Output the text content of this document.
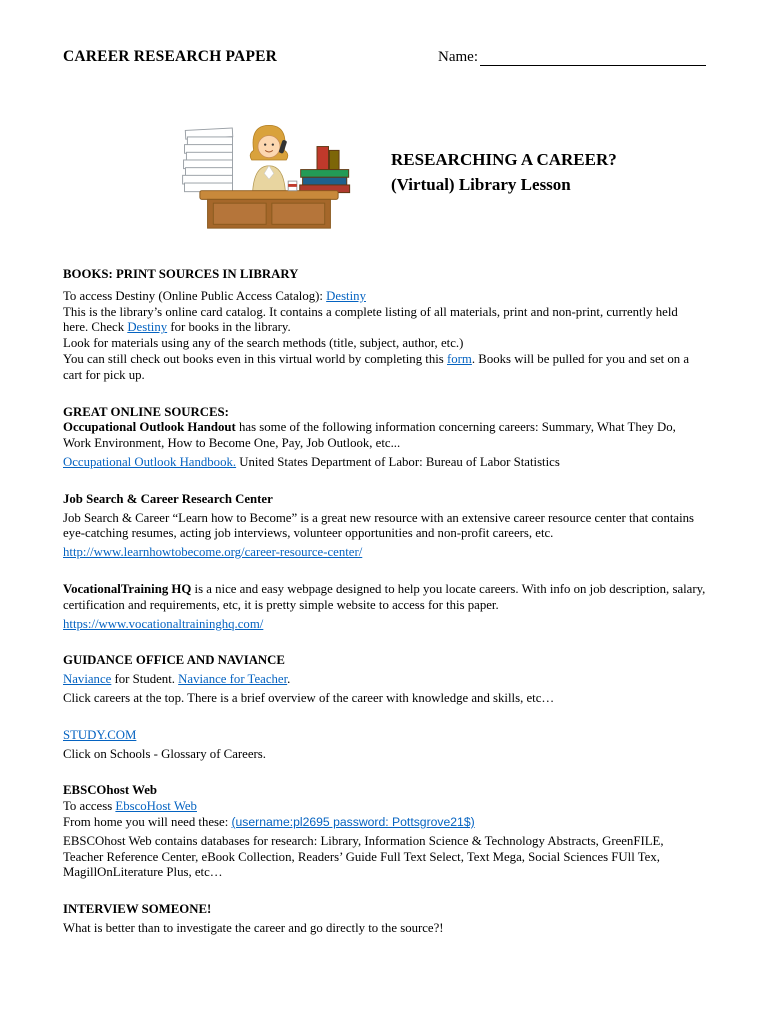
CAREER RESEARCH PAPER	Name:
RESEARCHING A CAREER?
(Virtual) Library Lesson
BOOKS: PRINT SOURCES IN LIBRARY

To access Destiny (Online Public Access Catalog): Destiny

This is the library’s online card catalog. It contains a complete listing of all materials, print and non-print, currently held here. Check Destiny for books in the library.

Look for materials using any of the search methods (title, subject, author, etc.)

You can still check out books even in this virtual world by completing this form. Books will be pulled for you and set on a cart for pick up.

GREAT ONLINE SOURCES:

Occupational Outlook Handout has some of the following information concerning careers: Summary, What They Do, Work Environment, How to Become One, Pay, Job Outlook, etc...

Occupational Outlook Handbook. United States Department of Labor: Bureau of Labor Statistics

Job Search & Career Research Center

Job Search & Career “Learn how to Become” is a great new resource with an extensive career resource center that contains eye-catching resumes, acting job interviews, volunteer opportunities and non-profit careers, etc.

http://www.learnhowtobecome.org/career-resource-center/

VocationalTraining HQ is a nice and easy webpage designed to help you locate careers. With info on job description, salary, certification and requirements, etc, it is pretty simple website to access for this paper.

https://www.vocationaltraininghq.com/

GUIDANCE OFFICE AND NAVIANCE

Naviance for Student. Naviance for Teacher.

Click careers at the top. There is a brief overview of the career with knowledge and skills, etc…

STUDY.COM

Click on Schools - Glossary of Careers.

EBSCOhost Web

To access EbscoHost Web

From home you will need these: (username:pl2695 password: Pottsgrove21$)

EBSCOhost Web contains databases for research: Library, Information Science & Technology Abstracts, GreenFILE, Teacher Reference Center, eBook Collection, Readers’ Guide Full Text Select, Text Mega, Social Sciences FUll Tex, MagillOnLiterature Plus, etc…

INTERVIEW SOMEONE!

What is better than to investigate the career and go directly to the source?!
